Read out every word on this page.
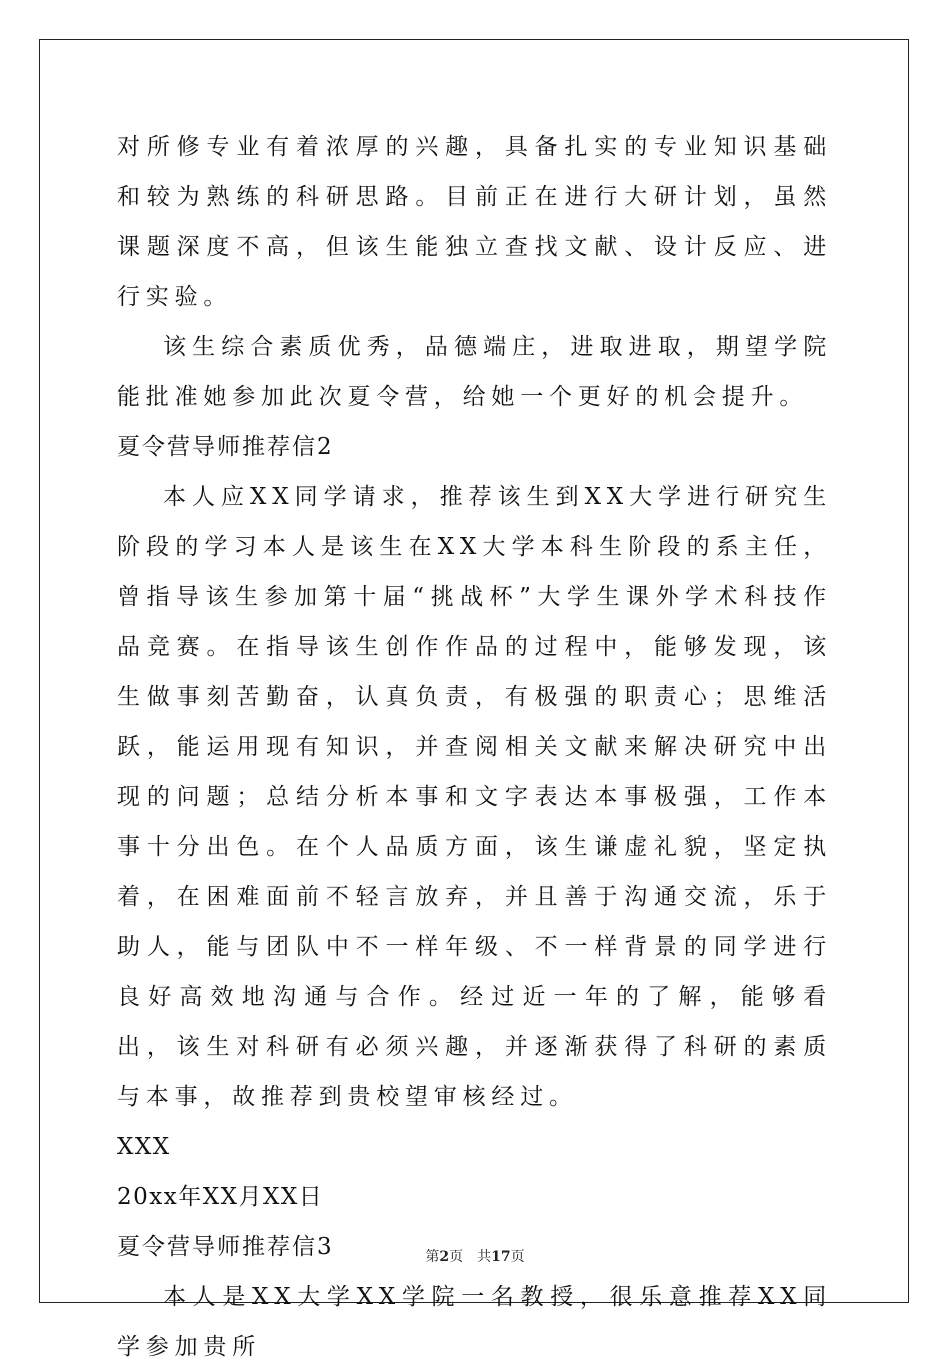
对所修专业有着浓厚的兴趣，具备扎实的专业知识基础和较为熟练的科研思路。目前正在进行大研计划，虽然课题深度不高，但该生能独立查找文献、设计反应、进行实验。

该生综合素质优秀，品德端庄，进取进取，期望学院能批准她参加此次夏令营，给她一个更好的机会提升。

夏令营导师推荐信2

本人应XX同学请求，推荐该生到XX大学进行研究生阶段的学习本人是该生在XX大学本科生阶段的系主任，曾指导该生参加第十届“挑战杯”大学生课外学术科技作品竞赛。在指导该生创作作品的过程中，能够发现，该生做事刻苦勤奋，认真负责，有极强的职责心；思维活跃，能运用现有知识，并查阅相关文献来解决研究中出现的问题；总结分析本事和文字表达本事极强，工作本事十分出色。在个人品质方面，该生谦虚礼貌，坚定执着，在困难面前不轻言放弃，并且善于沟通交流，乐于助人，能与团队中不一样年级、不一样背景的同学进行良好高效地沟通与合作。经过近一年的了解，能够看出，该生对科研有必须兴趣，并逐渐获得了科研的素质与本事，故推荐到贵校望审核经过。

XXX

20xx年XX月XX日

夏令营导师推荐信3

本人是XX大学XX学院一名教授，很乐意推荐XX同学参加贵所

第2页 共17页
